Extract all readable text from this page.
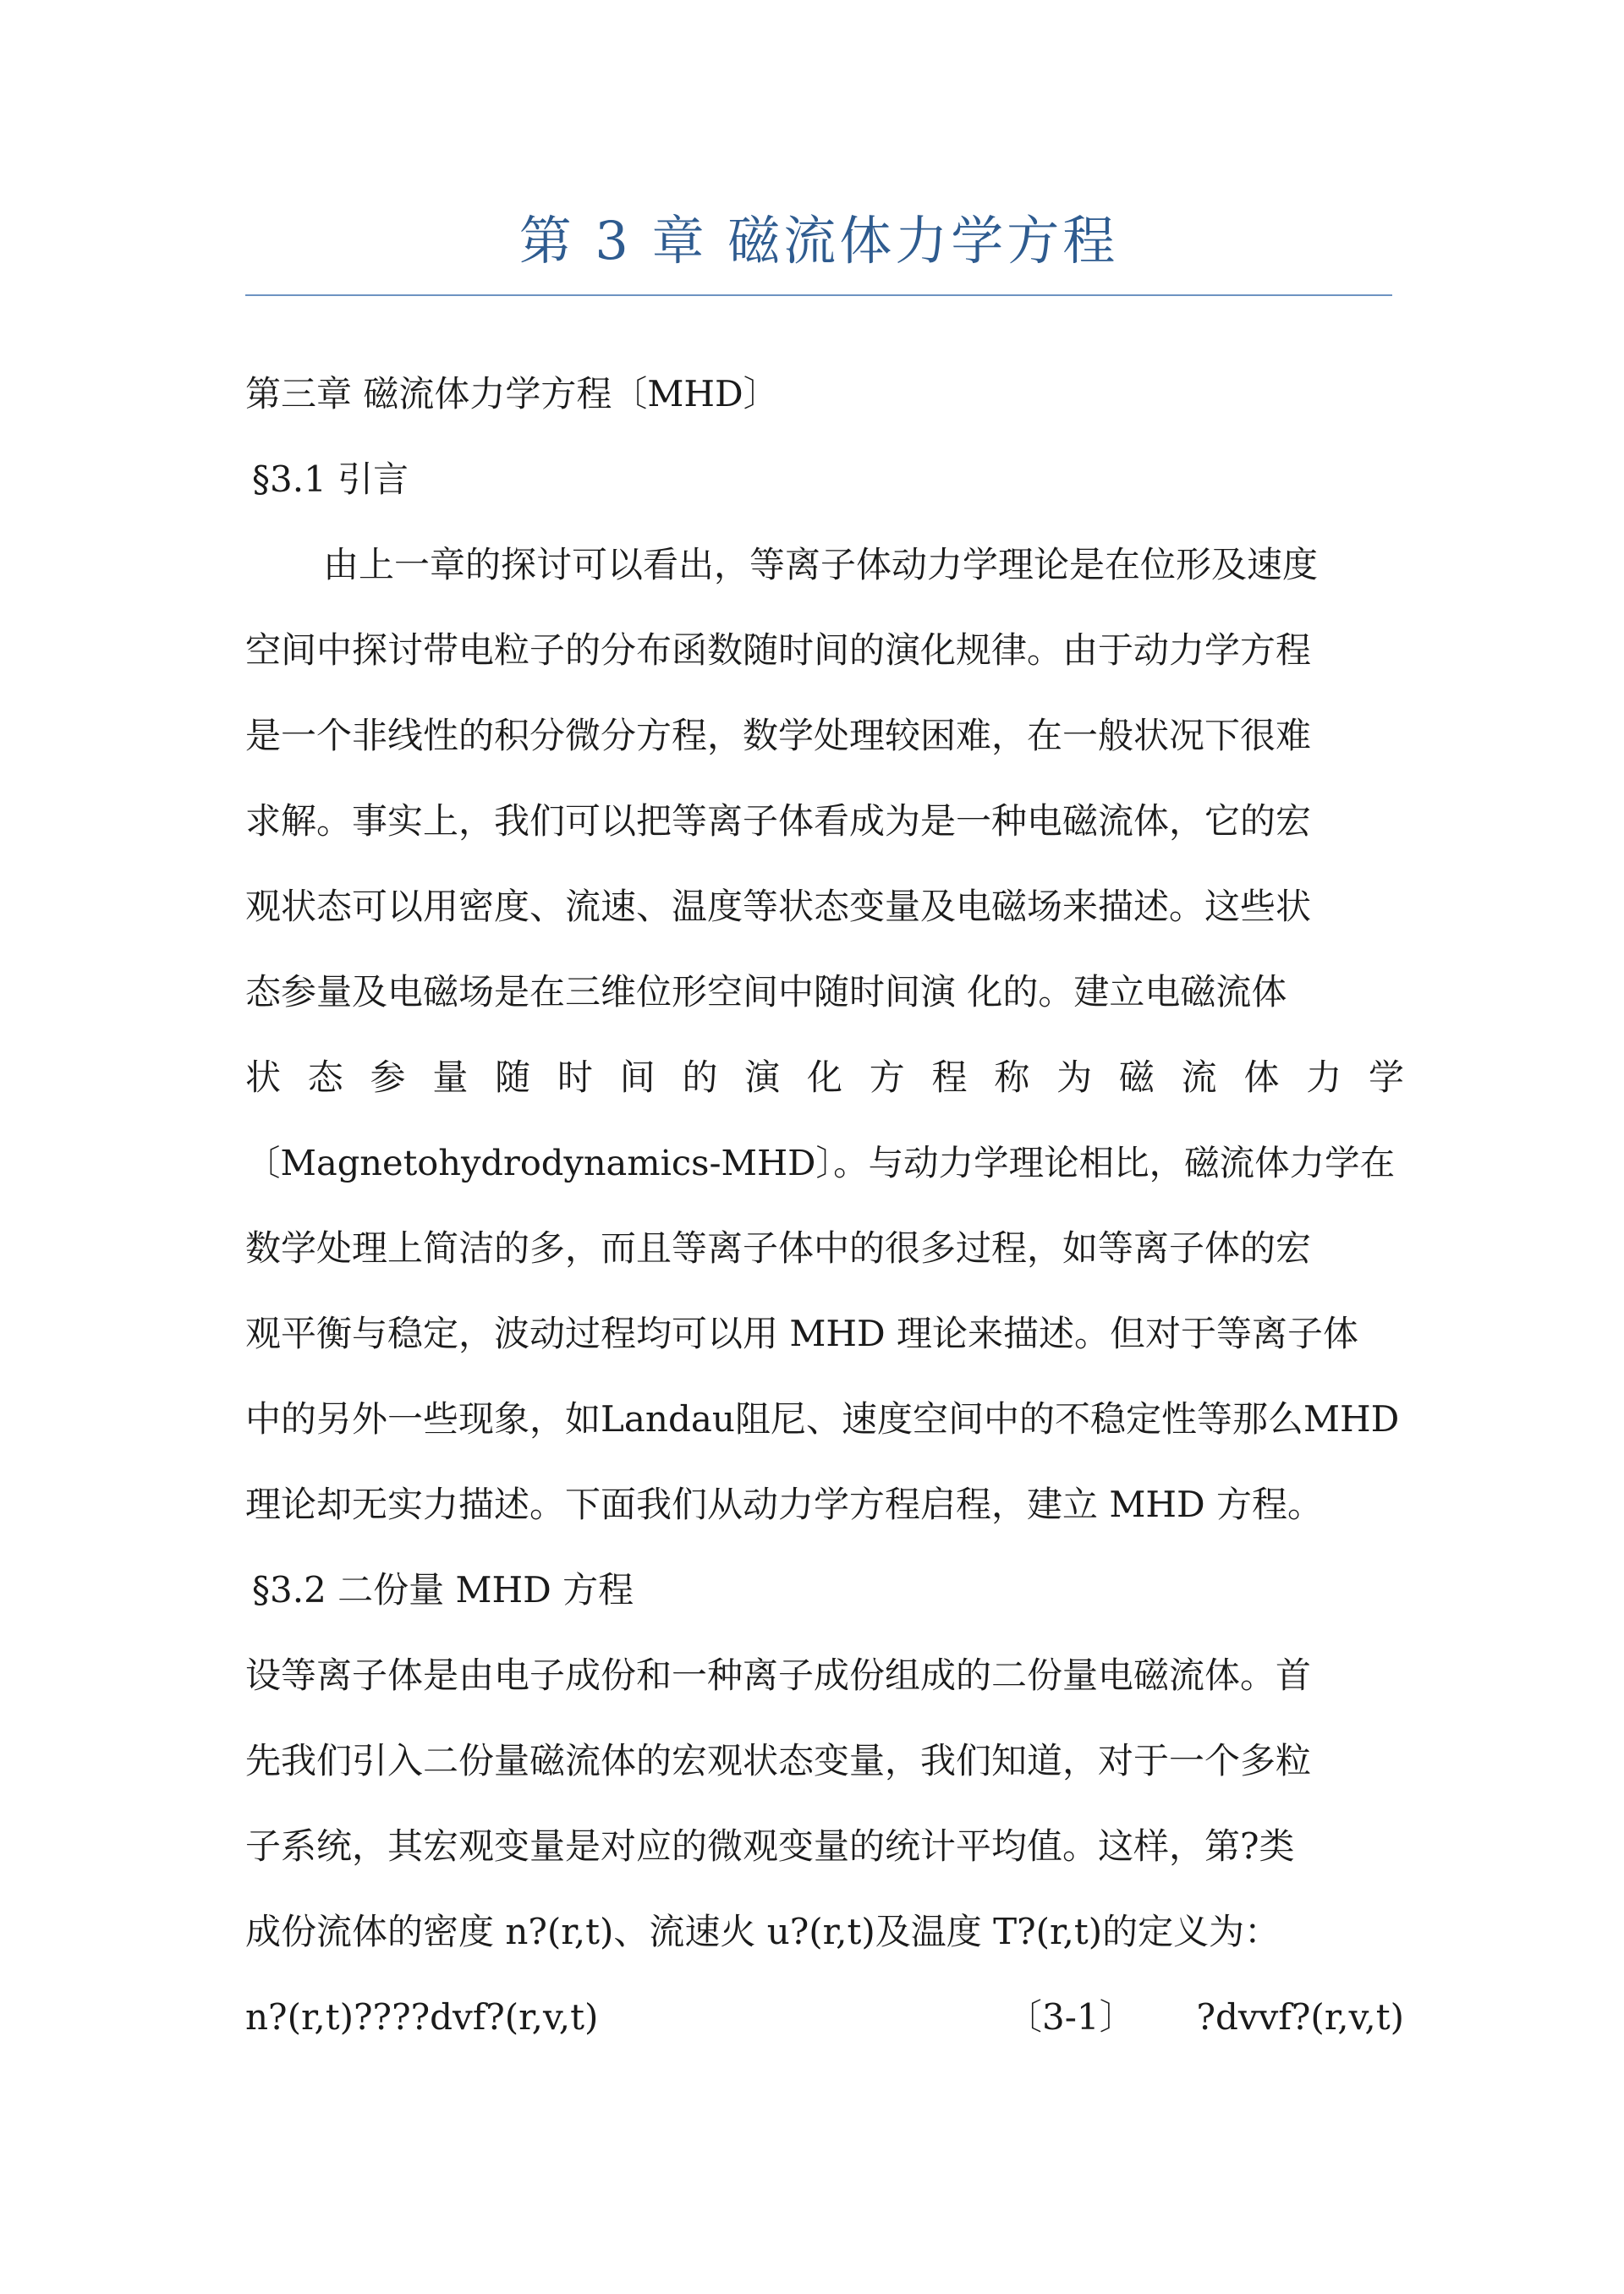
第 3 章 磁流体力学方程
第三章 磁流体力学方程〔MHD〕
§3.1 引言
由上一章的探讨可以看出，等离子体动力学理论是在位形及速度
空间中探讨带电粒子的分布函数随时间的演化规律。由于动力学方程
是一个非线性的积分微分方程，数学处理较困难，在一般状况下很难
求解。事实上，我们可以把等离子体看成为是一种电磁流体，它的宏
观状态可以用密度、流速、温度等状态变量及电磁场来描述。这些状
态参量及电磁场是在三维位形空间中随时间演 化的。建立电磁流体
状 态 参 量 随 时 间 的 演 化 方 程 称 为 磁 流 体 力 学
〔Magnetohydrodynamics-MHD〕。与动力学理论相比，磁流体力学在
数学处理上简洁的多，而且等离子体中的很多过程，如等离子体的宏
观平衡与稳定，波动过程均可以用 MHD 理论来描述。但对于等离子体
中的另外一些现象，如Landau阻尼、速度空间中的不稳定性等那么MHD
理论却无实力描述。下面我们从动力学方程启程，建立 MHD 方程。
§3.2 二份量 MHD 方程
设等离子体是由电子成份和一种离子成份组成的二份量电磁流体。首
先我们引入二份量磁流体的宏观状态变量，我们知道，对于一个多粒
子系统，其宏观变量是对应的微观变量的统计平均值。这样，第?类
成份流体的密度 n?(r,t)、流速火 u?(r,t)及温度 T?(r,t)的定义为：
n?(r,t)????dvf?(r,v,t)	〔3-1〕 ?dvvf?(r,v,t)
